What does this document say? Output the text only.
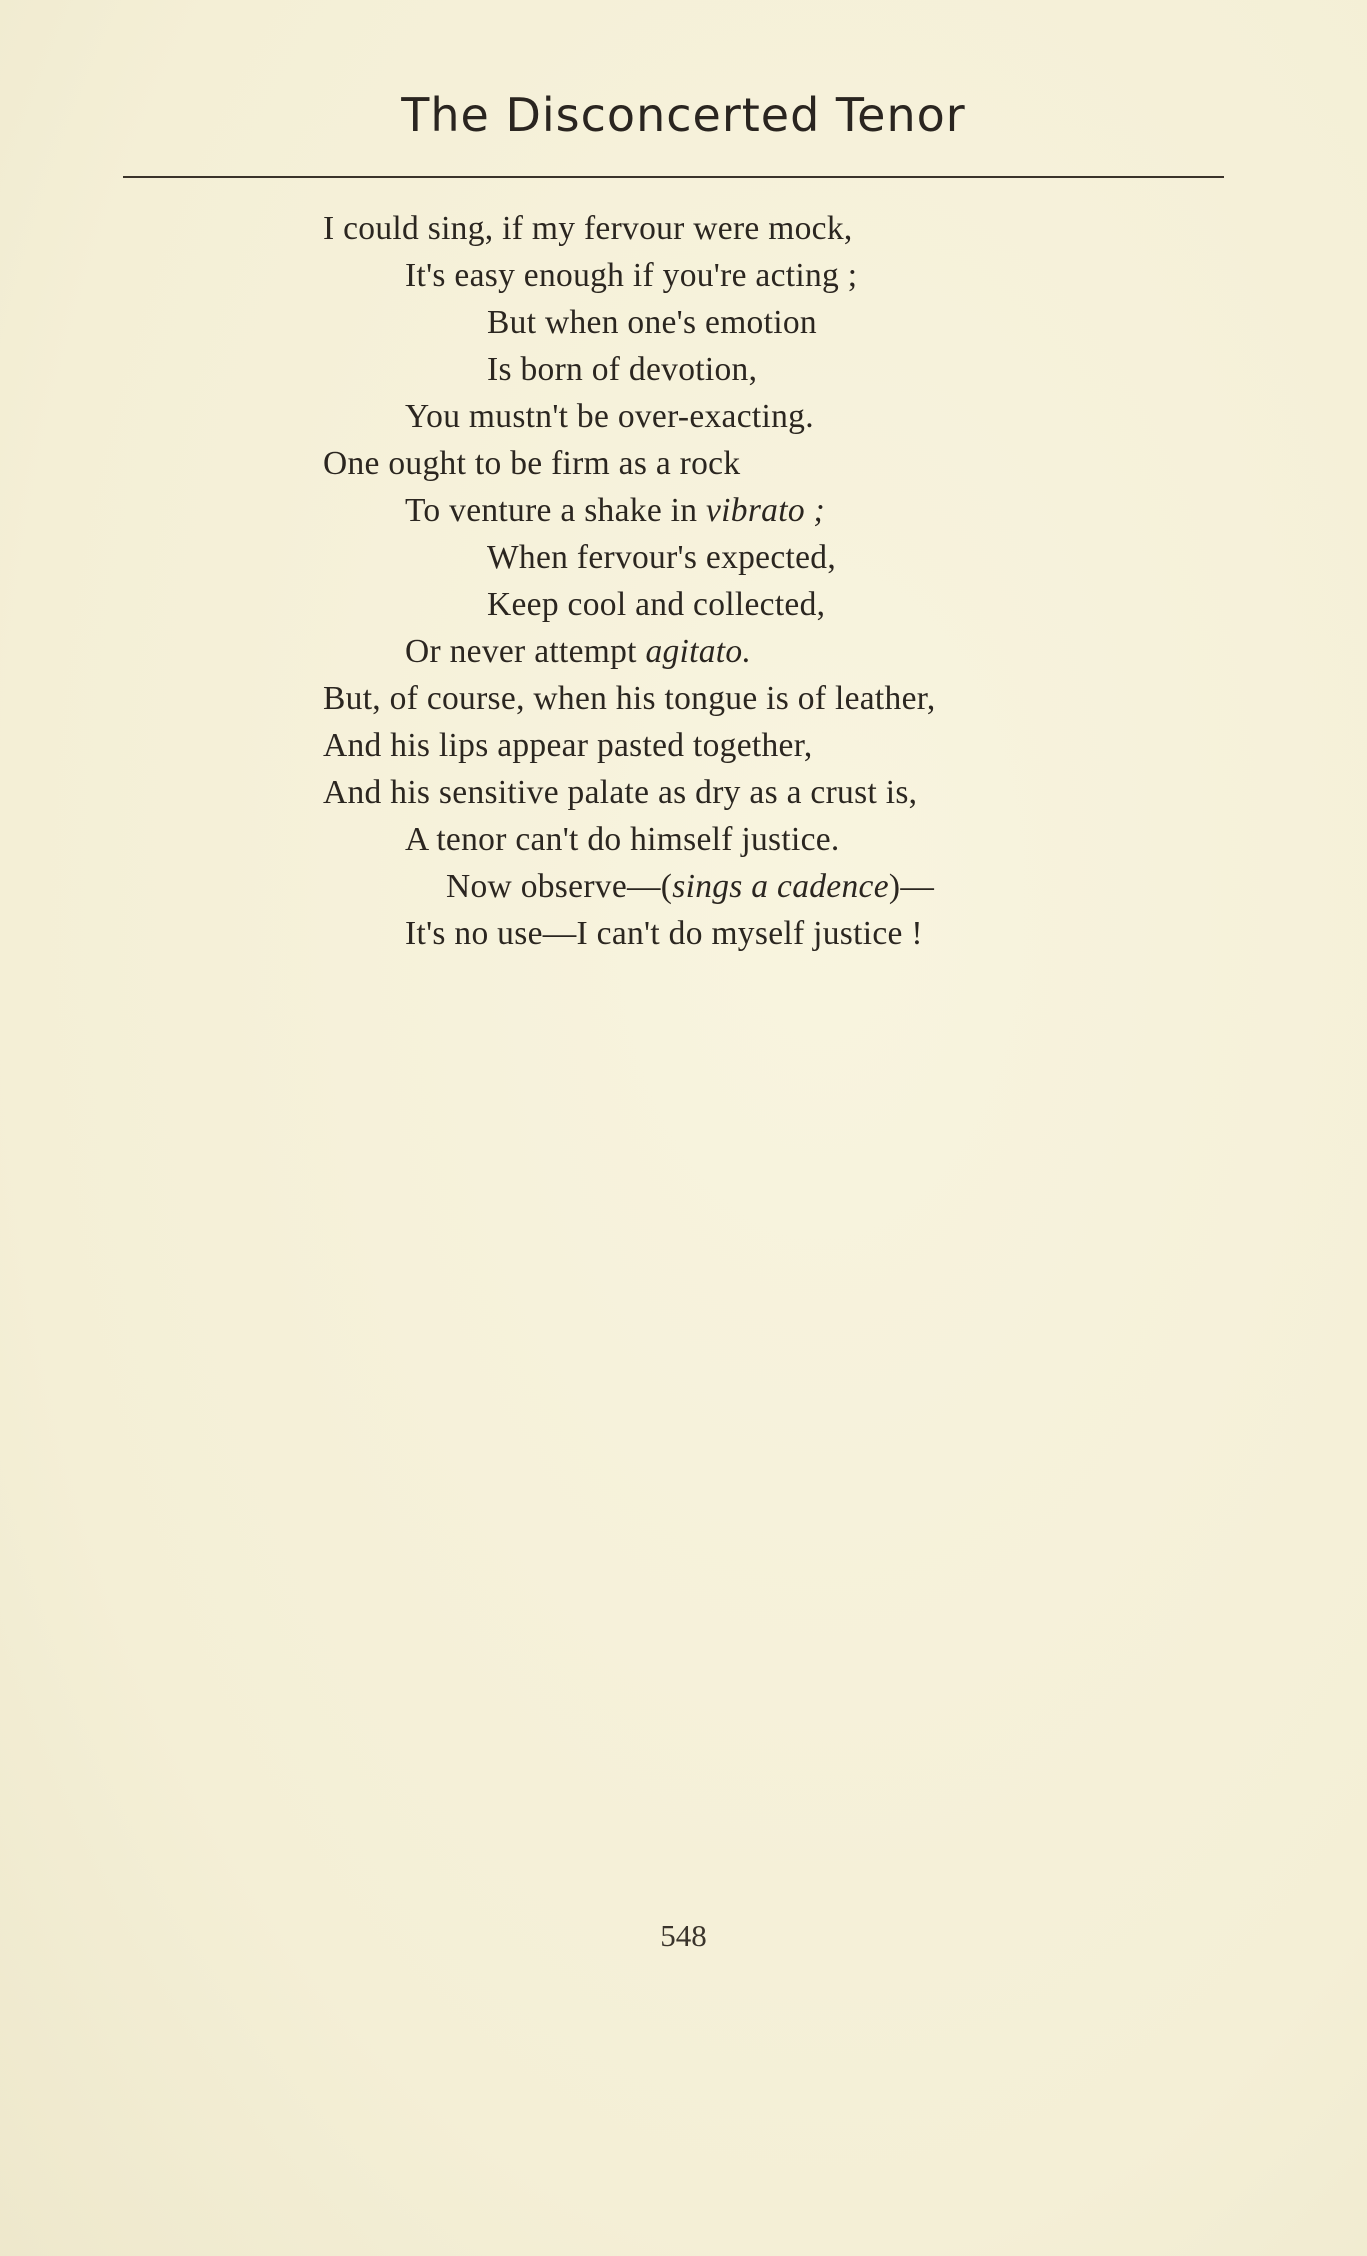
The Disconcerted Tenor
I could sing, if my fervour were mock,
It's easy enough if you're acting ;
But when one's emotion
Is born of devotion,
You mustn't be over-exacting.
One ought to be firm as a rock
To venture a shake in vibrato ;
When fervour's expected,
Keep cool and collected,
Or never attempt agitato.
But, of course, when his tongue is of leather,
And his lips appear pasted together,
And his sensitive palate as dry as a crust is,
A tenor can't do himself justice.
Now observe—(sings a cadence)—
It's no use—I can't do myself justice !
548
